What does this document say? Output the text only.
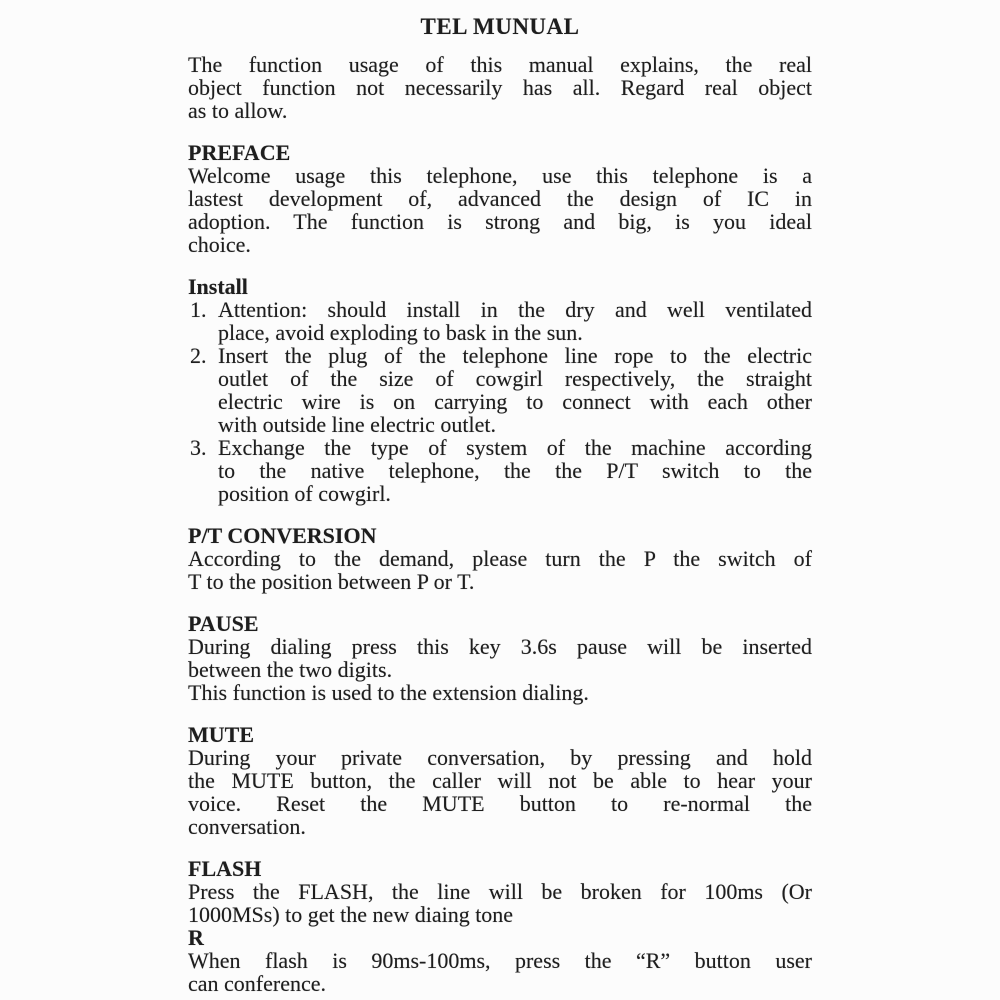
TEL MUNUAL
The function usage of this manual explains, the real
object function not necessarily has all. Regard real object
as to allow.
PREFACE
Welcome usage this telephone, use this telephone is a
lastest development of, advanced the design of IC in
adoption. The function is strong and big, is you ideal
choice.
Install
1. Attention: should install in the dry and well ventilated
place, avoid exploding to bask in the sun.
2. Insert the plug of the telephone line rope to the electric
outlet of the size of cowgirl respectively, the straight
electric wire is on carrying to connect with each other
with outside line electric outlet.
3. Exchange the type of system of the machine according
to the native telephone, the the P/T switch to the
position of cowgirl.
P/T CONVERSION
According to the demand, please turn the P the switch of
T to the position between P or T.
PAUSE
During dialing press this key 3.6s pause will be inserted
between the two digits.
This function is used to the extension dialing.
MUTE
During your private conversation, by pressing and hold
the MUTE button, the caller will not be able to hear your
voice. Reset the MUTE button to re-normal the
conversation.
FLASH
Press the FLASH, the line will be broken for 100ms (Or
1000MSs) to get the new diaing tone
R
When flash is 90ms-100ms, press the “R” button user
can conference.
